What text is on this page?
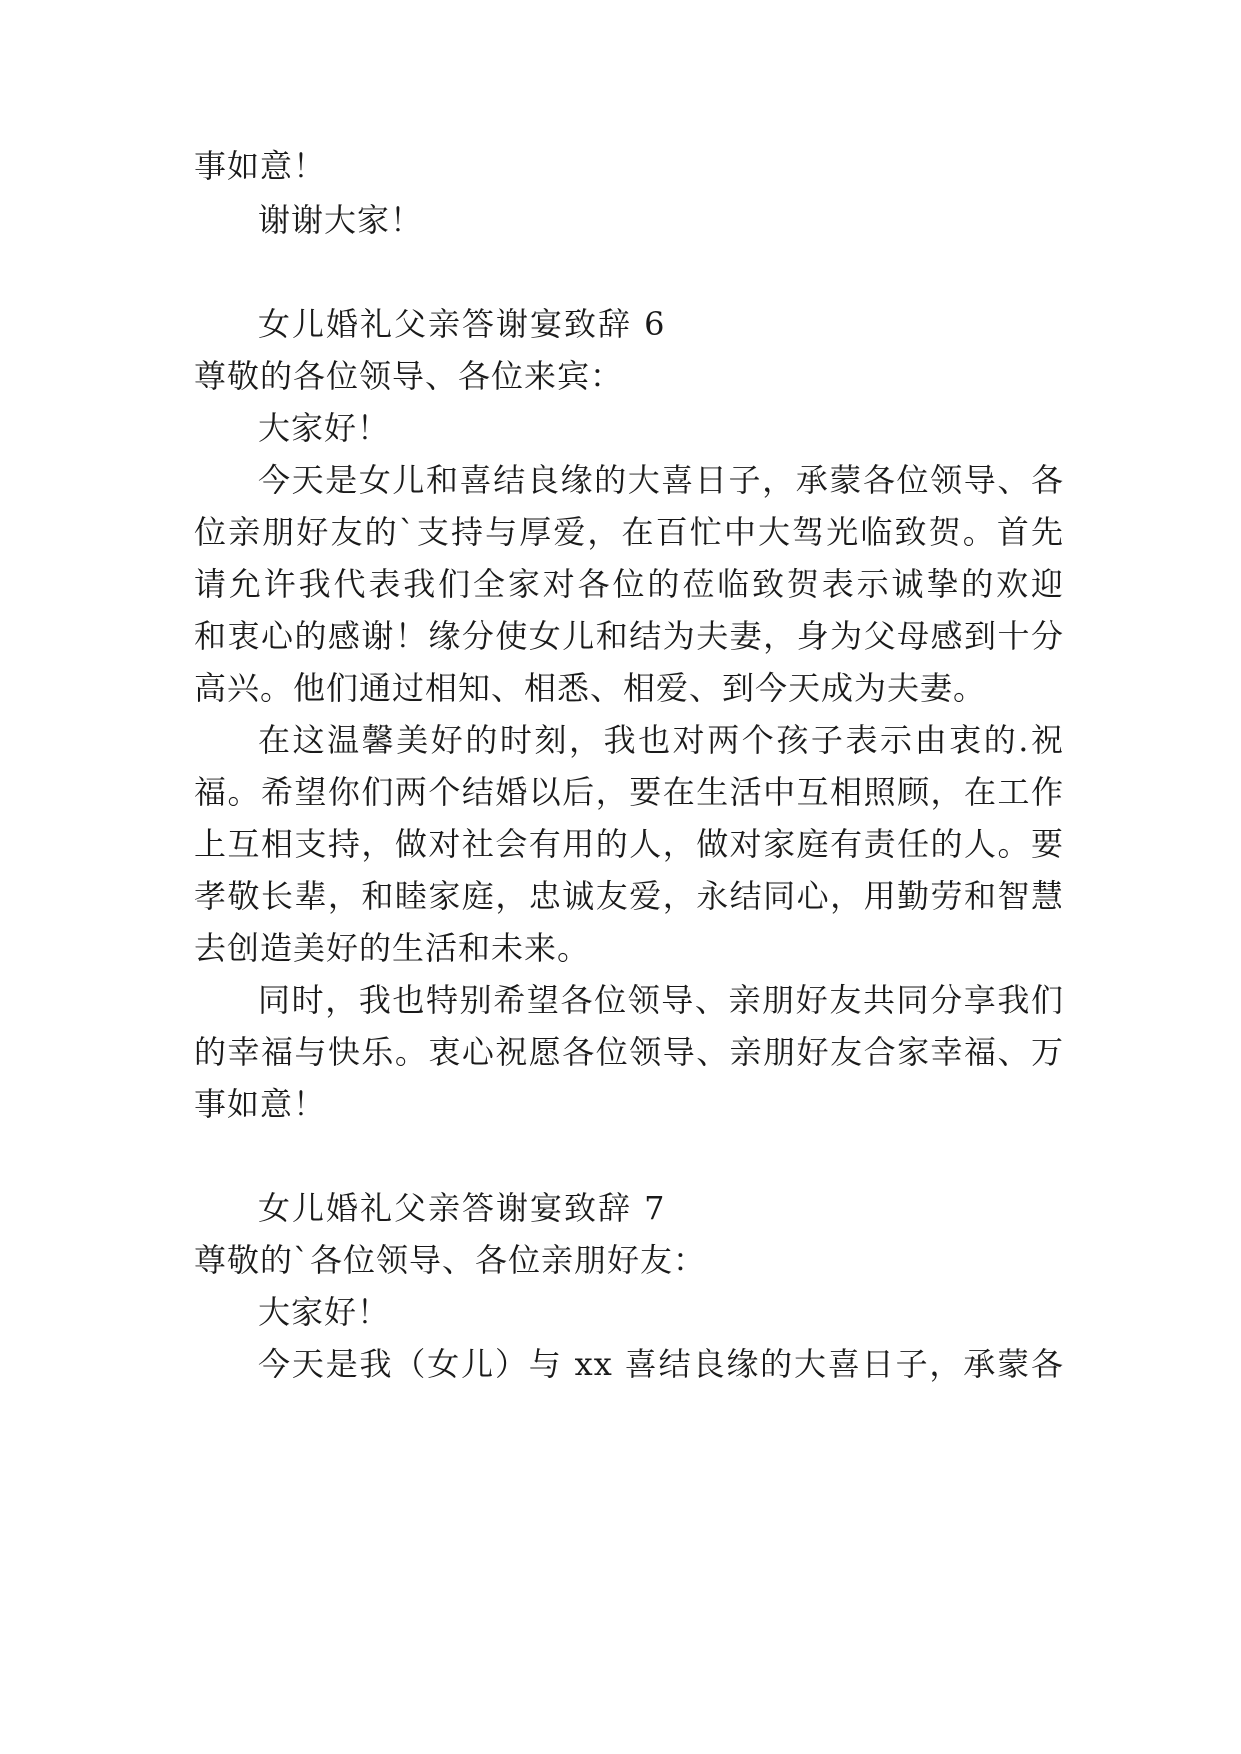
事如意！

谢谢大家！

女儿婚礼父亲答谢宴致辞 6

尊敬的各位领导、各位来宾：

大家好！

今天是女儿和喜结良缘的大喜日子，承蒙各位领导、各

位亲朋好友的`支持与厚爱，在百忙中大驾光临致贺。首先

请允许我代表我们全家对各位的莅临致贺表示诚挚的欢迎

和衷心的感谢！缘分使女儿和结为夫妻，身为父母感到十分

高兴。他们通过相知、相悉、相爱、到今天成为夫妻。

在这温馨美好的时刻，我也对两个孩子表示由衷的.祝

福。希望你们两个结婚以后，要在生活中互相照顾，在工作

上互相支持，做对社会有用的人，做对家庭有责任的人。要

孝敬长辈，和睦家庭，忠诚友爱，永结同心，用勤劳和智慧

去创造美好的生活和未来。

同时，我也特别希望各位领导、亲朋好友共同分享我们

的幸福与快乐。衷心祝愿各位领导、亲朋好友合家幸福、万

事如意！

女儿婚礼父亲答谢宴致辞 7

尊敬的`各位领导、各位亲朋好友：

大家好！

今天是我（女儿）与 xx 喜结良缘的大喜日子，承蒙各
